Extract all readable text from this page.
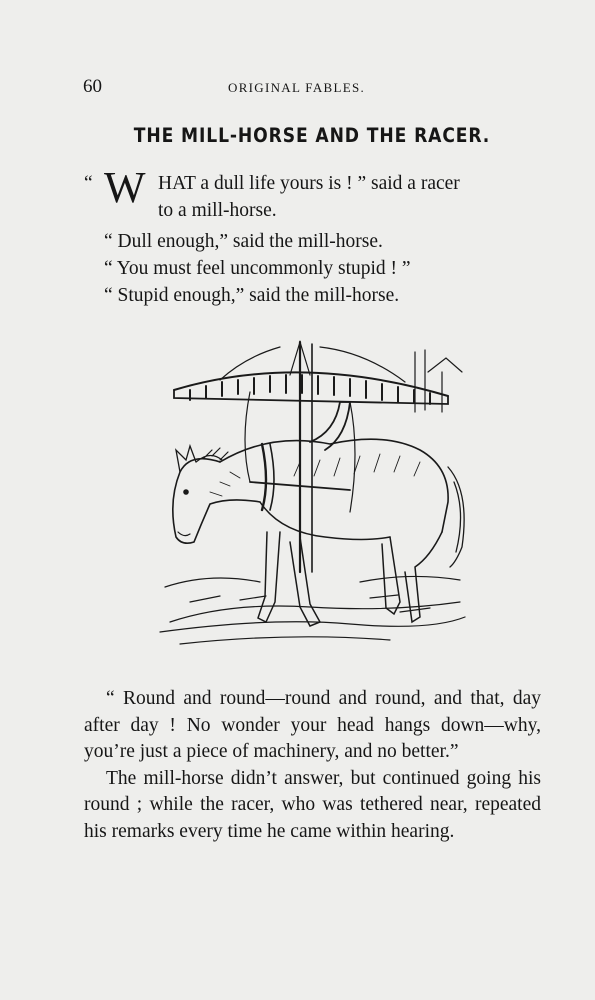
60	ORIGINAL FABLES.
THE MILL-HORSE AND THE RACER.
“ W HAT a dull life yours is ! ” said a racer
to a mill-horse.
“ Dull enough,” said the mill-horse.
“ You must feel uncommonly stupid ! ”
“ Stupid enough,” said the mill-horse.

“ Round and round—round and round, and that, day after day ! No wonder your head hangs down—why, you’re just a piece of machinery, and no better.”

The mill-horse didn’t answer, but continued going his round ; while the racer, who was tethered near, repeated his remarks every time he came within hearing.
